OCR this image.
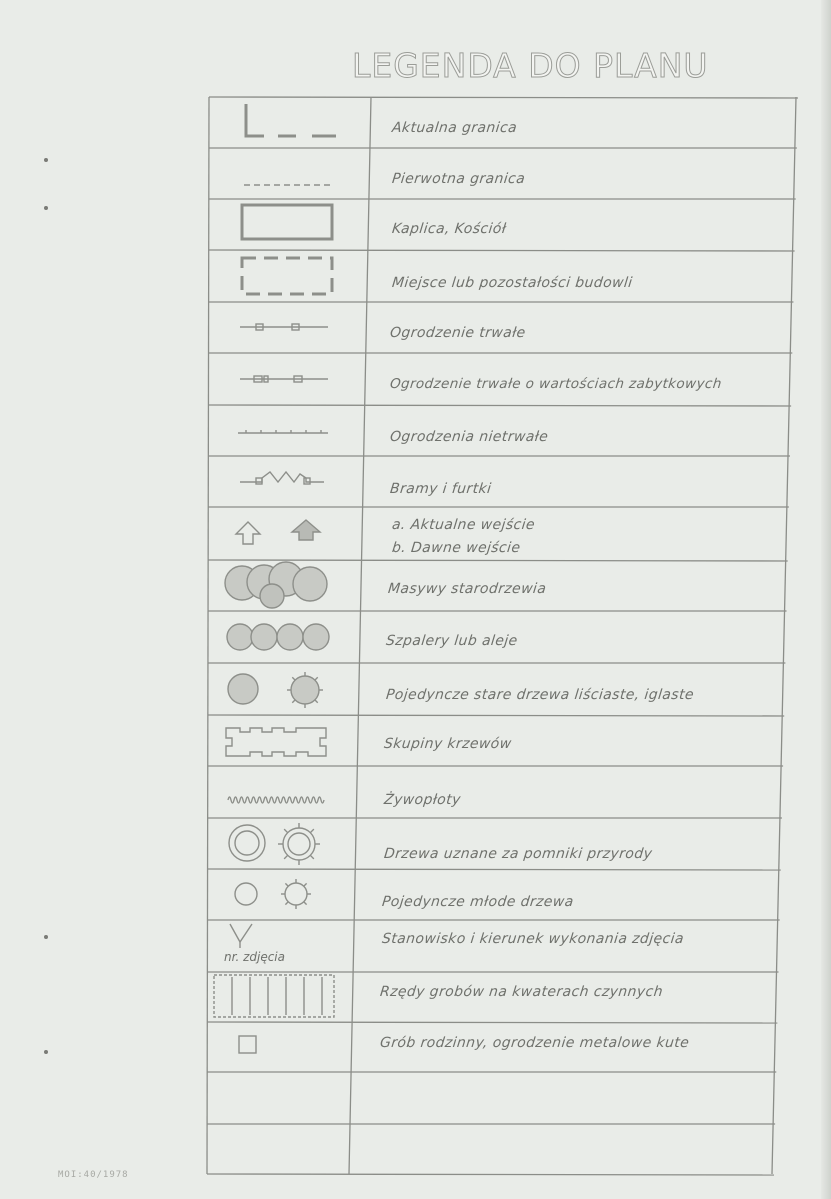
LEGENDA DO PLANU
Aktualna granica
Pierwotna granica
Kaplica, Kościół
Miejsce lub pozostałości budowli
Ogrodzenie trwałe
Ogrodzenie trwałe o wartościach zabytkowych
Ogrodzenia nietrwałe
Bramy i furtki
a. Aktualne wejście
b. Dawne wejście
Masywy starodrzewia
Szpalery lub aleje
Pojedyncze stare drzewa liściaste, iglaste
Skupiny krzewów
Żywopłoty
Drzewa uznane za pomniki przyrody
Pojedyncze młode drzewa
Stanowisko i kierunek wykonania zdjęcia
nr. zdjęcia
Rzędy grobów na kwaterach czynnych
Grób rodzinny, ogrodzenie metalowe kute
MOI:40/1978
